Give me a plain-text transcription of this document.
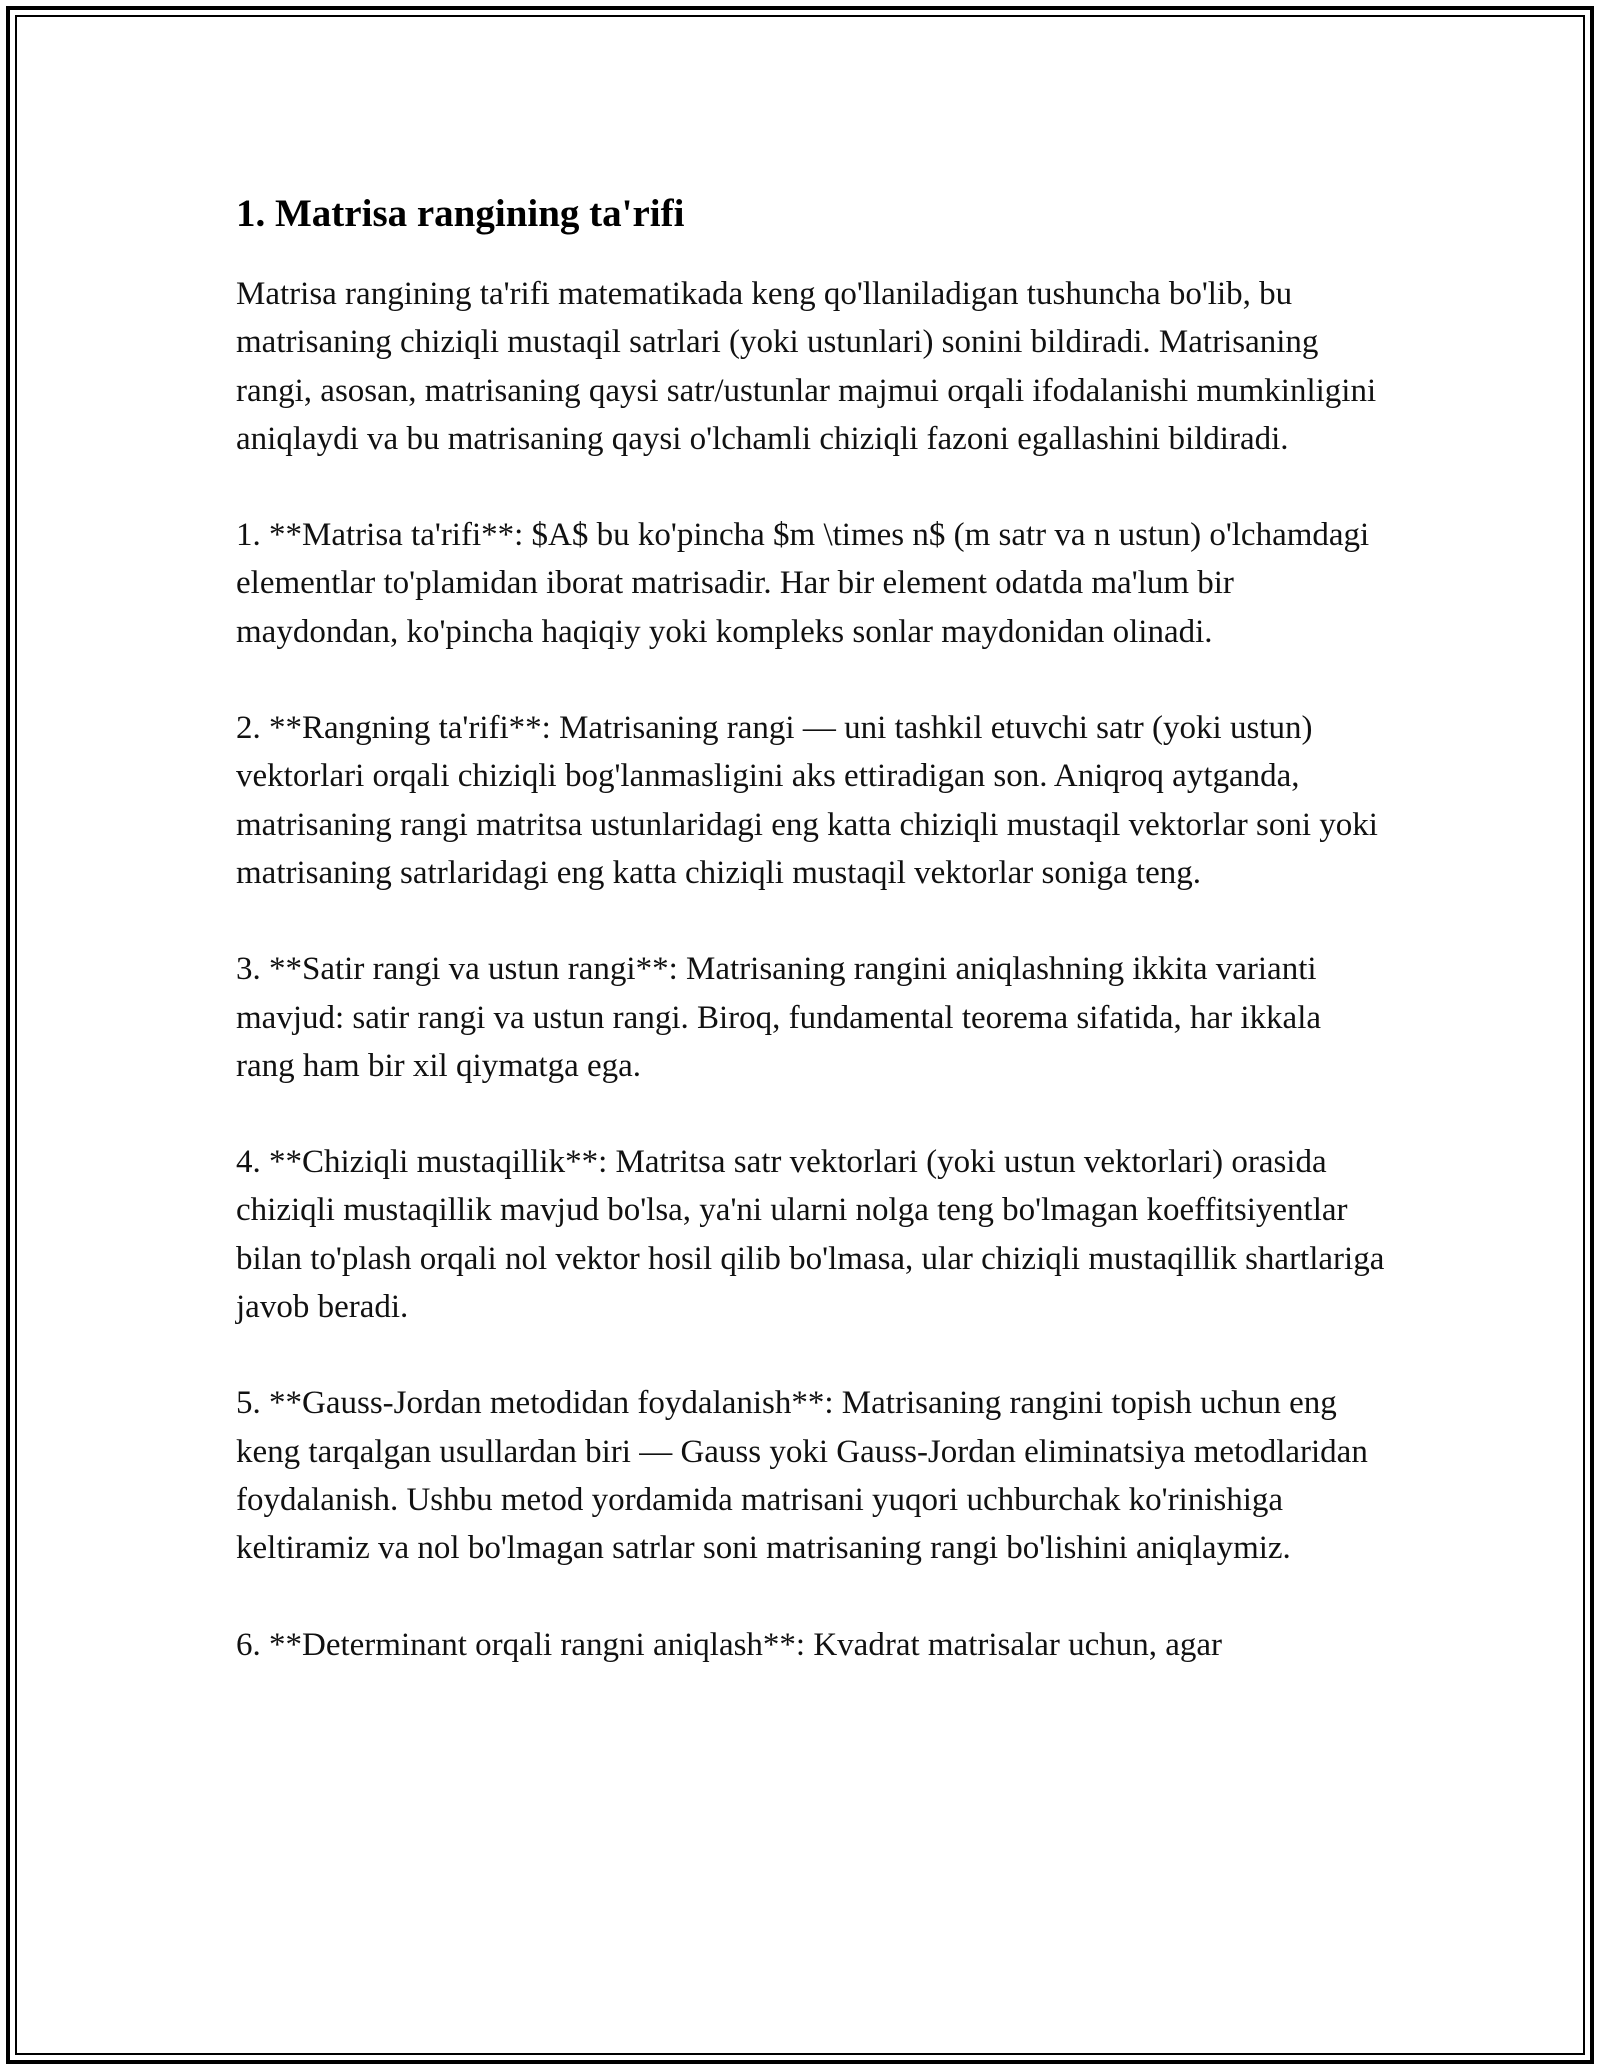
1. Matrisa rangining ta'rifi

Matrisa rangining ta'rifi matematikada keng qo'llaniladigan tushuncha bo'lib, bu matrisaning chiziqli mustaqil satrlari (yoki ustunlari) sonini bildiradi. Matrisaning rangi, asosan, matrisaning qaysi satr/ustunlar majmui orqali ifodalanishi mumkinligini aniqlaydi va bu matrisaning qaysi o'lchamli chiziqli fazoni egallashini bildiradi.

1. **Matrisa ta'rifi**: $A$ bu ko'pincha $m \times n$ (m satr va n ustun) o'lchamdagi elementlar to'plamidan iborat matrisadir. Har bir element odatda ma'lum bir maydondan, ko'pincha haqiqiy yoki kompleks sonlar maydonidan olinadi.

2. **Rangning ta'rifi**: Matrisaning rangi — uni tashkil etuvchi satr (yoki ustun) vektorlari orqali chiziqli bog'lanmasligini aks ettiradigan son. Aniqroq aytganda, matrisaning rangi matritsa ustunlaridagi eng katta chiziqli mustaqil vektorlar soni yoki matrisaning satrlaridagi eng katta chiziqli mustaqil vektorlar soniga teng.

3. **Satir rangi va ustun rangi**: Matrisaning rangini aniqlashning ikkita varianti mavjud: satir rangi va ustun rangi. Biroq, fundamental teorema sifatida, har ikkala rang ham bir xil qiymatga ega.

4. **Chiziqli mustaqillik**: Matritsa satr vektorlari (yoki ustun vektorlari) orasida chiziqli mustaqillik mavjud bo'lsa, ya'ni ularni nolga teng bo'lmagan koeffitsiyentlar bilan to'plash orqali nol vektor hosil qilib bo'lmasa, ular chiziqli mustaqillik shartlariga javob beradi.

5. **Gauss-Jordan metodidan foydalanish**: Matrisaning rangini topish uchun eng keng tarqalgan usullardan biri — Gauss yoki Gauss-Jordan eliminatsiya metodlaridan foydalanish. Ushbu metod yordamida matrisani yuqori uchburchak ko'rinishiga keltiramiz va nol bo'lmagan satrlar soni matrisaning rangi bo'lishini aniqlaymiz.

6. **Determinant orqali rangni aniqlash**: Kvadrat matrisalar uchun, agar
